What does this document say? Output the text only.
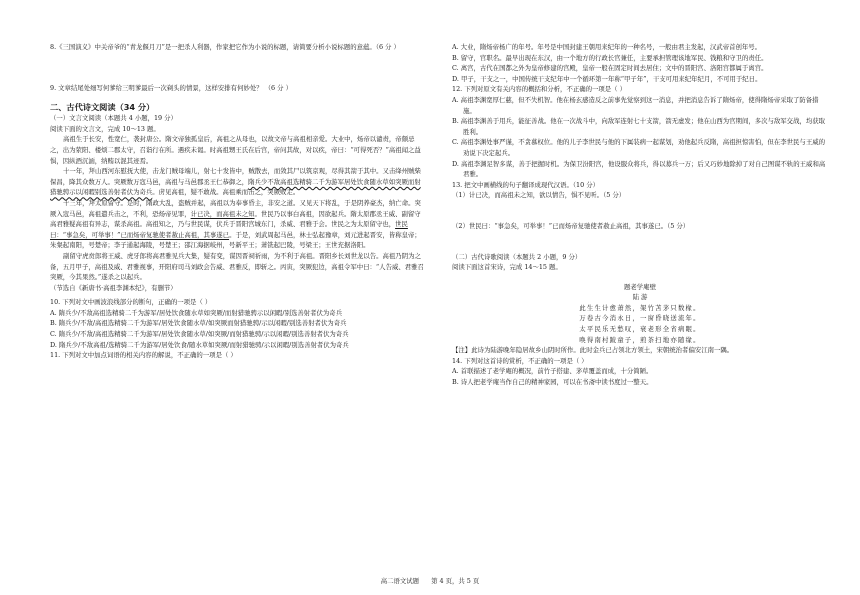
8.《三国演义》中关帝爷的“青龙偃月刀”是一把杀人利器，作家把它作为小说的标题，请简要分析小说标题的意蕴。（6 分 ）
9. 文章结尾处细写何爹给三明爹最后一次剃头的情景，这样安排有何妙处？ （6 分 ）
二、古代诗文阅读（34 分）
（一）文言文阅读（本题共 4 小题，19 分）
阅读下面的文言文，完成 10～13 题。
高祖生于长安，性宽仁，袭封唐公。隋文帝独孤皇后，高祖之从母也，以故文帝与高祖相亲爱。大业中，炀帝以谴责，帝颇忌之，出为荥阳、楼烦二郡太守，召诣行在所。遇疾未谒。时高祖甥王氏在后宫，帝问其故，对以疾，帝曰：“可得死否？”高祖闻之益惧，因纵酒沉湎，纳贿以混其迹焉。
十一年，拜山西河东慰抚大使，击龙门贼母端儿，射七十发皆中，贼散去，而敛其尸以筑京观，尽得其箭于其中。又击绛州贼柴保昌，降其众数万人。突厥数万寇马邑，高祖与马邑郡丞王仁恭御之，隋兵少不敌高祖选精骑二千为游军居处饮食随水草如突厥而射猎驰骋示以闲暇别选善射者伏为奇兵。虏见高祖，疑不敢战。高祖乘而击之，突厥败走。
十三年，拜太原留守。是时，隋政大乱，盗贼并起，高祖以为奉事昏主，非安之道。又见天下将乱，于是阴养豪杰，纳亡命。突厥入寇马邑，高祖遣兵击之，不利，恐炀帝见罪，计已决，而高祖未之知。世民乃以事白高祖，因欲起兵。隋太原郡丞王威、副留守高君雅疑高祖有异志，谋杀高祖。高祖知之，乃与世民谋，伏兵于晋阳宫城东门，杀威、君雅于会。世民之为太原留守也，世民曰：“事急矣，可举事！”已而炀帝复驰使者赦止高祖，其事遂已。于是，刘武周起马邑，林士弘起豫章，刘元进起晋安，皆称皇帝；朱粲起南阳，号楚帝；李子通起海陵，号楚王；邵江海据岐州，号新平王；萧铣起巴陵，号梁王；王世充据洛阳。
副留守虎贲郎将王威、虎牙郎将高君雅见兵大集，疑有变，谋因晋祠祈雨，为不利于高祖。晋阳乡长刘世龙以告。高祖乃阴为之备，五月甲子，高祖及威、君雅视事，开阳府司马刘政会告威、君雅反，即斩之。丙寅，突厥犯边，高祖令军中曰：“人告威、君雅召突厥，今其果然。”遂杀之以起兵。
（节选自《新唐书·高祖李渊本纪》，有删节）
10. 下列对文中画波浪线部分的断句，正确的一项是（ ）
A. 隋兵少/不敌高祖选精骑二千为游军/居处饮食随水草如突厥/而射猎驰骋示以闲暇/别选善射者伏为奇兵
B. 隋兵少/不敌/高祖选精骑二千为游军/居处饮食随水草/如突厥而射猎驰骋/示以闲暇/别选善射者伏为奇兵
C. 隋兵少/不敌/高祖选精骑二千为游军/居处饮食随水草/如突厥/而射猎驰骋/示以闲暇/别选善射者伏为奇兵
D. 隋兵少/不敌高祖/选精骑二千为游军/居处饮食/随水草如突厥/而射猎驰骋/示以闲暇/别选善射者伏为奇兵
11. 下列对文中加点词语的相关内容的解说，不正确的一项是（ ）
A. 大业，隋炀帝杨广的年号。年号是中国封建王朝用来纪年的一种名号，一般由君主发起，汉武帝首创年号。
B. 留守，官职名。最早出现在东汉，由一个地方的行政长官兼任，主要承担管理该地军民、钱粮和守卫的责任。
C. 离宫，古代在国都之外为皇帝修建的宫殿，皇帝一般在固定时间去居住；文中的晋阳宫、洛阳宫都属于离宫。
D. 甲子，干支之一，中国传统干支纪年中一个循环第一年称“甲子年”，干支可用来纪年纪月，不可用于纪日。
12. 下列对原文有关内容的概括和分析，不正确的一项是（ ）
A. 高祖李渊宽厚仁慈，但不失机智。他在杨玄感造反之前事先觉察到这一消息，并把消息告诉了隋炀帝，使得隋炀帝采取了防备措施。
B. 高祖李渊善于用兵，能征善战。他在一次战斗中，向敌军连射七十支箭，箭无虚发；他在山西为官期间，多次与敌军交战，均获取胜利。
C. 高祖李渊处事严谨，不贪慕权位。他的儿子李世民与他的下属装病一起谋划，劝他起兵反隋，高祖担惊害怕，但在李世民与王威的劝说下决定起兵。
D. 高祖李渊足智多谋，善于把握时机。为保卫汾阳宫，他设服众将兵，得以募兵一万；后又巧妙地除掉了对自己图谋不轨的王威和高君雅。
13. 把文中画横线的句子翻译成现代汉语。（10 分）
（1）计已决，而高祖未之知，欲以情告，惧不见听。（5 分）
（2）世民曰：“事急矣，可举事！”已而炀帝复驰使者赦止高祖，其事遂已。（5 分）
（二）古代诗歌阅读（本题共 2 小题，9 分）
阅读下面这首宋诗，完成 14～15 题。
题老学庵壁
陆 游
此生生计愈萧然，架竹苫茅只数椽。
万卷古今消永日，一窗昏晓送流年。
太平民乐无愁叹，衰老形全省病眠。
唤得南村跛童子，煎茶扫地亦随缘。
【注】此诗为陆游晚年隐居故乡山阴时所作。此时金兵已占领北方领土，宋朝统治者偏安江南一隅。
14. 下列对这首诗的赏析，不正确的一项是（ ）
A. 首联描述了老学庵的概况，前竹子搭建、茅草覆盖而成，十分简陋。
B. 诗人把老学庵当作自己的精神家园，可以在书斋中读书度过一整天。
高二语文试题 第 4 页，共 5 页
